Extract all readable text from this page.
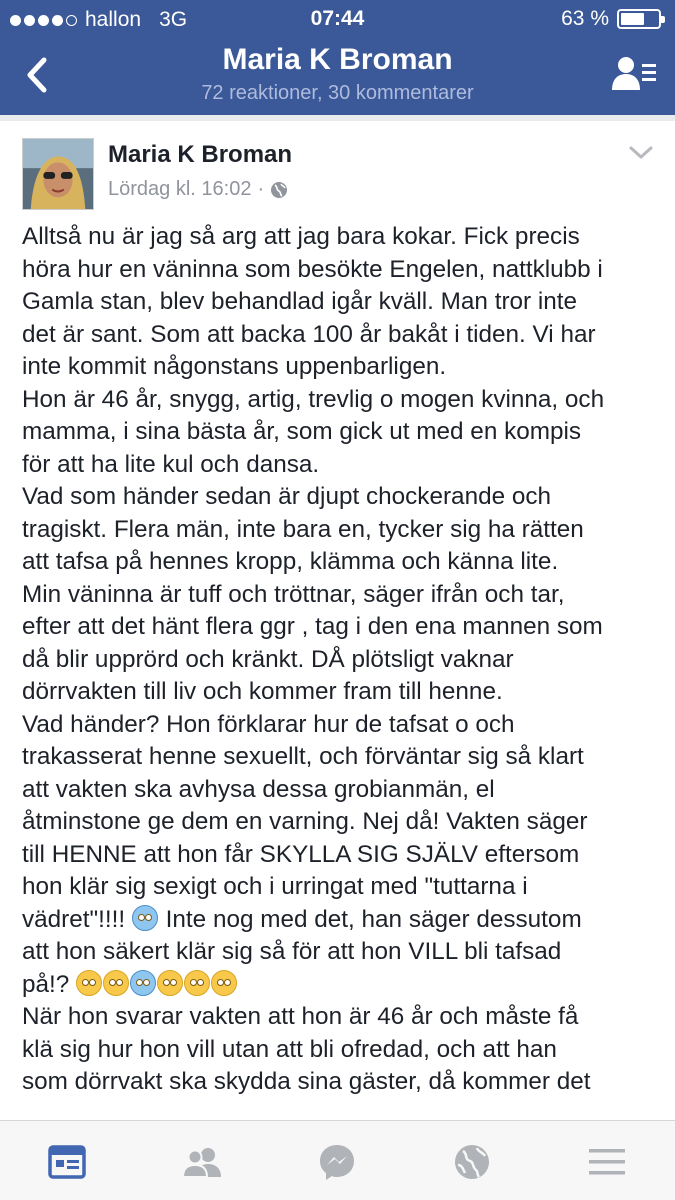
hallon 3G	07:44	63 %
Maria K Broman
72 reaktioner, 30 kommentarer
Maria K Broman
Lördag kl. 16:02 ·

Alltså nu är jag så arg att jag bara kokar. Fick precis

höra hur en väninna som besökte Engelen, nattklubb i

Gamla stan, blev behandlad igår kväll. Man tror inte

det är sant. Som att backa 100 år bakåt i tiden. Vi har

inte kommit någonstans uppenbarligen.

Hon är 46 år, snygg, artig, trevlig o mogen kvinna, och

mamma, i sina bästa år, som gick ut med en kompis

för att ha lite kul och dansa.

Vad som händer sedan är djupt chockerande och

tragiskt. Flera män, inte bara en, tycker sig ha rätten

att tafsa på hennes kropp, klämma och känna lite.

Min väninna är tuff och tröttnar, säger ifrån och tar,

efter att det hänt flera ggr , tag i den ena mannen som

då blir upprörd och kränkt. DÅ plötsligt vaknar

dörrvakten till liv och kommer fram till henne.

Vad händer? Hon förklarar hur de tafsat o och

trakasserat henne sexuellt, och förväntar sig så klart

att vakten ska avhysa dessa grobianmän, el

åtminstone ge dem en varning. Nej då! Vakten säger

till HENNE att hon får SKYLLA SIG SJÄLV eftersom

hon klär sig sexigt och i urringat med "tuttarna i

vädret"!!!!  Inte nog med det, han säger dessutom

att hon säkert klär sig så för att hon VILL bli tafsad

på!?

När hon svarar vakten att hon är 46 år och måste få

klä sig hur hon vill utan att bli ofredad, och att han

som dörrvakt ska skydda sina gäster, då kommer det
